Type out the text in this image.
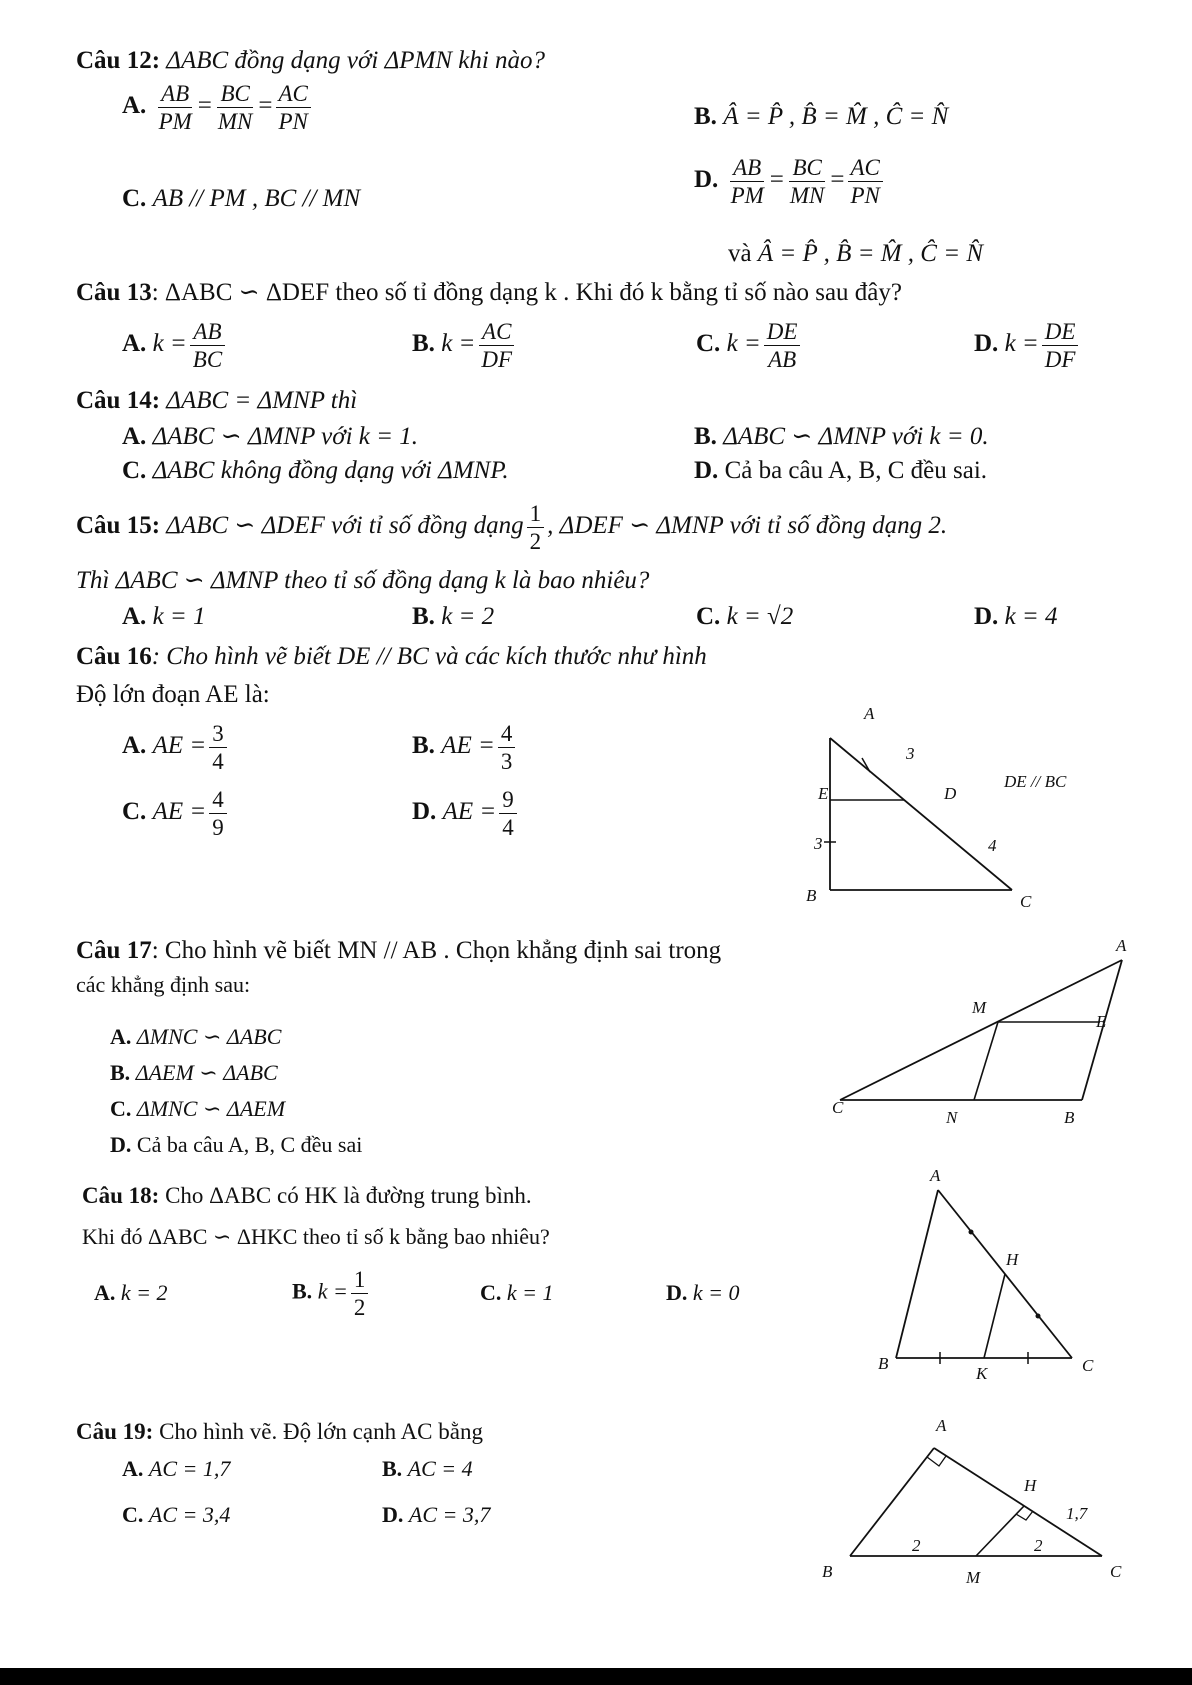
Câu 12: ΔABC đồng dạng với ΔPMN khi nào?
A. $\frac{AB}{PM} = \frac{BC}{MN} = \frac{AC}{PN}$	B. Â = P̂ , B̂ = M̂ , Ĉ = N̂
C. AB // PM , BC // MN
D. $\frac{AB}{PM} = \frac{BC}{MN} = \frac{AC}{PN}$
và Â = P̂ , B̂ = M̂ , Ĉ = N̂
Câu 13: ΔABC ∽ ΔDEF theo số tỉ đồng dạng k . Khi đó k bằng tỉ số nào sau đây?
A. $k = \frac{AB}{BC}$	B. $k = \frac{AC}{DF}$	C. $k = \frac{DE}{AB}$	D. $k = \frac{DE}{DF}$
Câu 14: ΔABC = ΔMNP thì
A. ΔABC ∽ ΔMNP với k = 1.	B. ΔABC ∽ ΔMNP với k = 0.
C. ΔABC không đồng dạng với ΔMNP.	D. Cả ba câu A, B, C đều sai.
Câu 15: ΔABC ∽ ΔDEF với tỉ số đồng dạng $\frac{1}{2}$ , ΔDEF ∽ ΔMNP với tỉ số đồng dạng 2.
Thì ΔABC ∽ ΔMNP theo tỉ số đồng dạng k là bao nhiêu?
A. k = 1	B. k = 2	C. k = √2	D. k = 4
Câu 16: Cho hình vẽ biết DE // BC và các kích thước như hình
Độ lớn đoạn AE là:
A. AE = $\frac{3}{4}$	B. AE = $\frac{4}{3}$
C. AE = $\frac{4}{9}$	D. AE = $\frac{9}{4}$
A
3
E	D
DE // BC
3	4
B	C
Câu 17: Cho hình vẽ biết MN // AB . Chọn khẳng định sai trong
các khẳng định sau:
A. ΔMNC ∽ ΔABC
B. ΔAEM ∽ ΔABC
C. ΔMNC ∽ ΔAEM
D. Cả ba câu A, B, C đều sai
A
M
E
C
N	B
Câu 18: Cho ΔABC có HK là đường trung bình.
Khi đó ΔABC ∽ ΔHKC theo tỉ số k bằng bao nhiêu?
A. k = 2	B. $k = \frac{1}{2}$	C. k = 1	D. k = 0
A
H
B
K	C
Câu 19: Cho hình vẽ. Độ lớn cạnh AC bằng
A. AC = 1,7	B. AC = 4
C. AC = 3,4	D. AC = 3,7
A
H
1,7
2	2
B	M	C
